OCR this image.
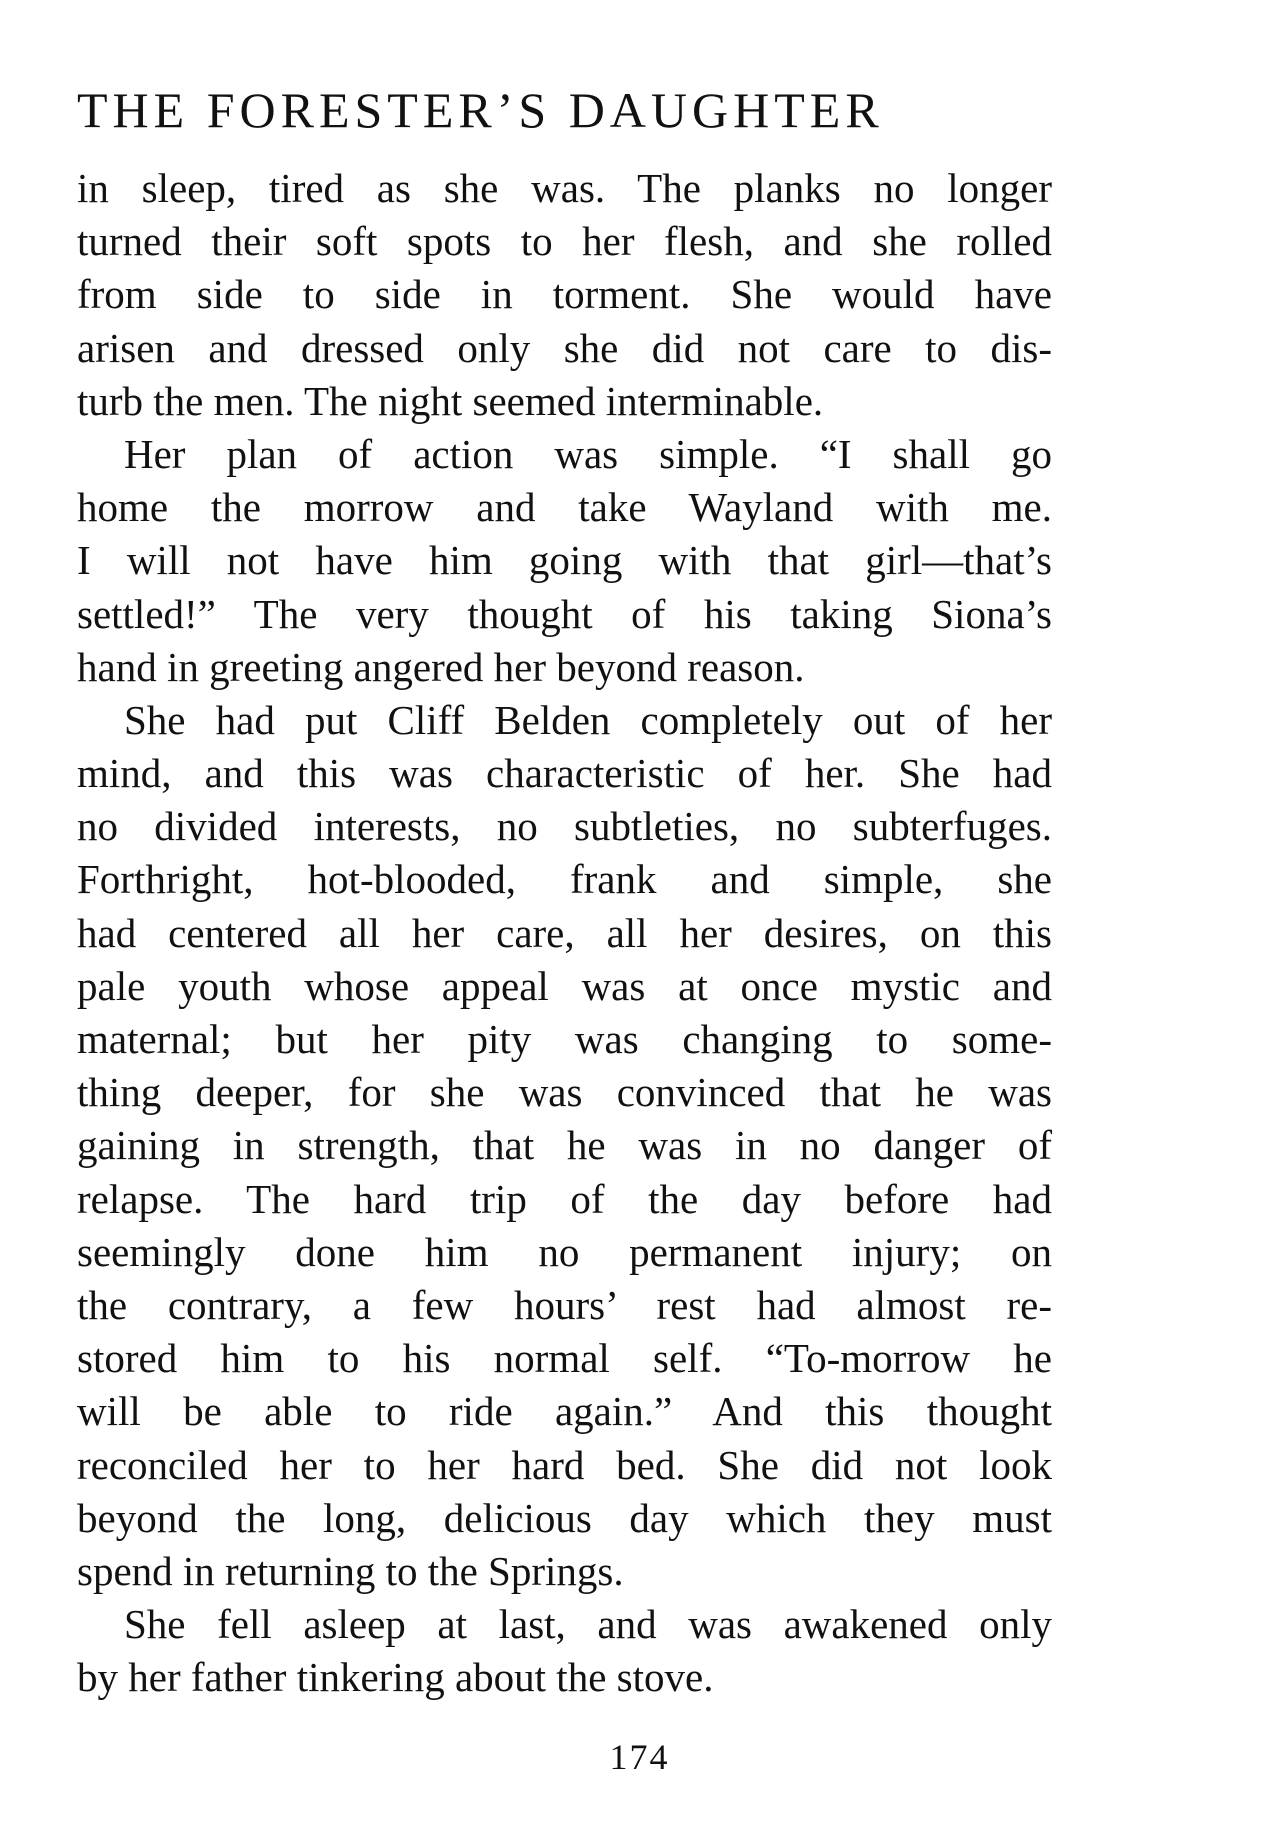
THE FORESTER’S DAUGHTER
in sleep, tired as she was. The planks no longer
turned their soft spots to her flesh, and she rolled
from side to side in torment. She would have
arisen and dressed only she did not care to dis-
turb the men. The night seemed interminable.
Her plan of action was simple. “I shall go
home the morrow and take Wayland with me.
I will not have him going with that girl—that’s
settled!” The very thought of his taking Siona’s
hand in greeting angered her beyond reason.
She had put Cliff Belden completely out of her
mind, and this was characteristic of her. She had
no divided interests, no subtleties, no subterfuges.
Forthright, hot-blooded, frank and simple, she
had centered all her care, all her desires, on this
pale youth whose appeal was at once mystic and
maternal; but her pity was changing to some-
thing deeper, for she was convinced that he was
gaining in strength, that he was in no danger of
relapse. The hard trip of the day before had
seemingly done him no permanent injury; on
the contrary, a few hours’ rest had almost re-
stored him to his normal self. “To-morrow he
will be able to ride again.” And this thought
reconciled her to her hard bed. She did not look
beyond the long, delicious day which they must
spend in returning to the Springs.
She fell asleep at last, and was awakened only
by her father tinkering about the stove.
174
